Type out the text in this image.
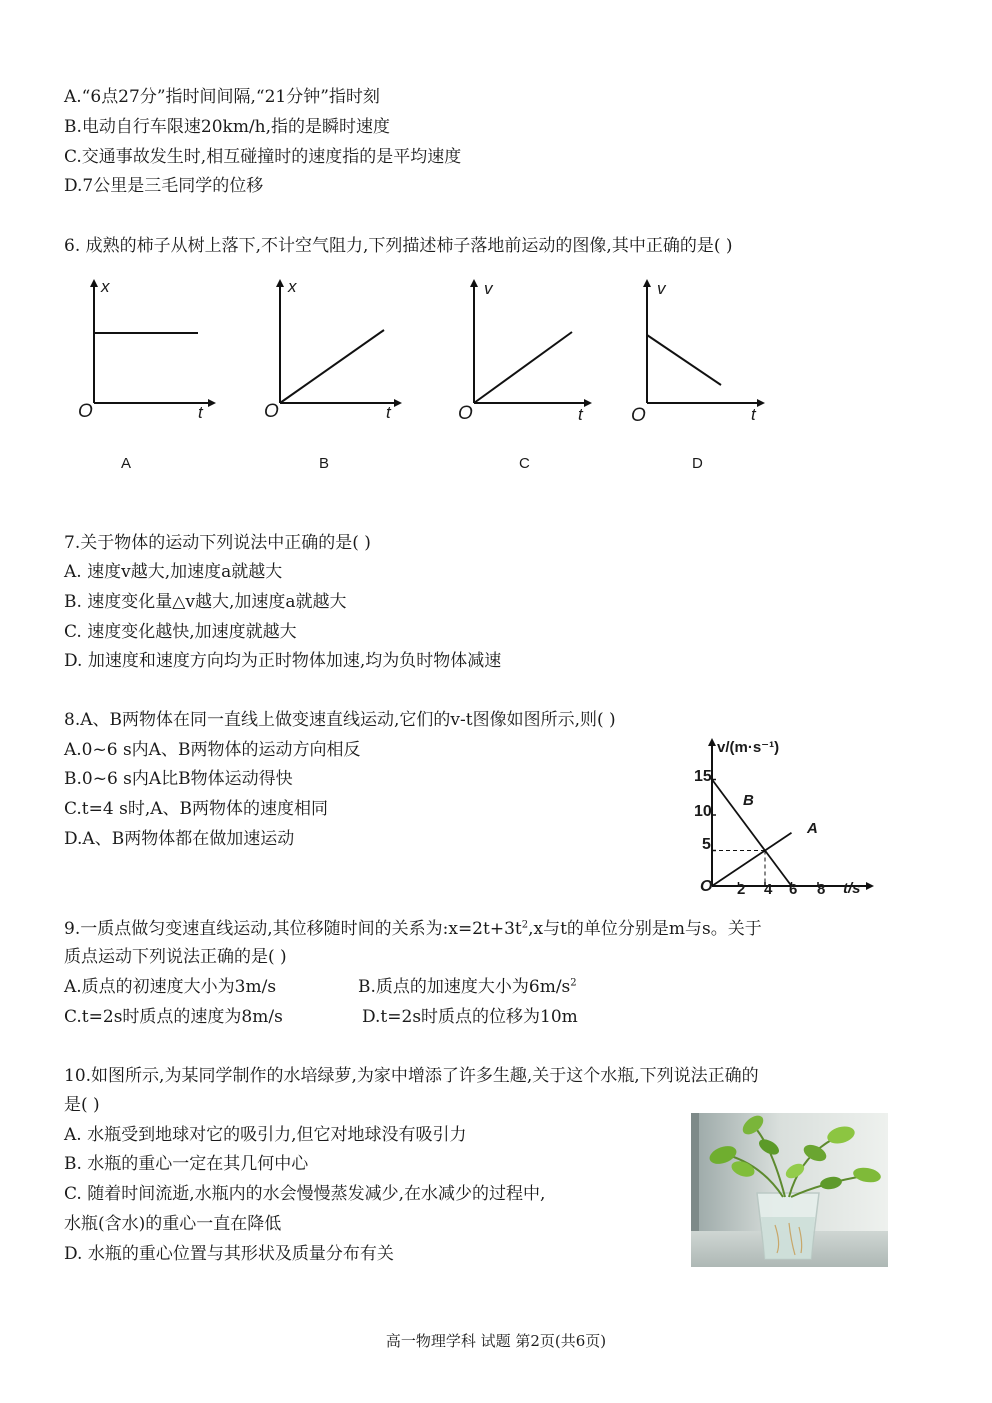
A.“6点27分”指时间间隔,“21分钟”指时刻
B.电动自行车限速20km/h,指的是瞬时速度
C.交通事故发生时,相互碰撞时的速度指的是平均速度
D.7公里是三毛同学的位移
6. 成熟的柿子从树上落下,不计空气阻力,下列描述柿子落地前运动的图像,其中正确的是( )
x
t
O
A
x
t
O
B
v
t
O
C
v
t
O
D
7.关于物体的运动下列说法中正确的是( )
A. 速度v越大,加速度a就越大
B. 速度变化量△v越大,加速度a就越大
C. 速度变化越快,加速度就越大
D. 加速度和速度方向均为正时物体加速,均为负时物体减速
8.A、B两物体在同一直线上做变速直线运动,它们的v-t图像如图所示,则( )
A.0~6 s内A、B两物体的运动方向相反
B.0~6 s内A比B物体运动得快
C.t=4 s时,A、B两物体的速度相同
D.A、B两物体都在做加速运动
v/(m·s⁻¹)
t/s
O
15
10
5
2 4 6 8
B
A
9.一质点做匀变速直线运动,其位移随时间的关系为$:x=2t+3t^2,x$与t的单位分别是m与s。关于
质点运动下列说法正确的是( )
A.质点的初速度大小为3m/s	B.质点的加速度大小为$6m/s^2$
C.t=2s时质点的速度为8m/s	D.t=2s时质点的位移为10m
10.如图所示,为某同学制作的水培绿萝,为家中增添了许多生趣,关于这个水瓶,下列说法正确的
是( )
A. 水瓶受到地球对它的吸引力,但它对地球没有吸引力
B. 水瓶的重心一定在其几何中心
C. 随着时间流逝,水瓶内的水会慢慢蒸发减少,在水减少的过程中,
水瓶(含水)的重心一直在降低
D. 水瓶的重心位置与其形状及质量分布有关
高一物理学科 试题 第2页(共6页)
